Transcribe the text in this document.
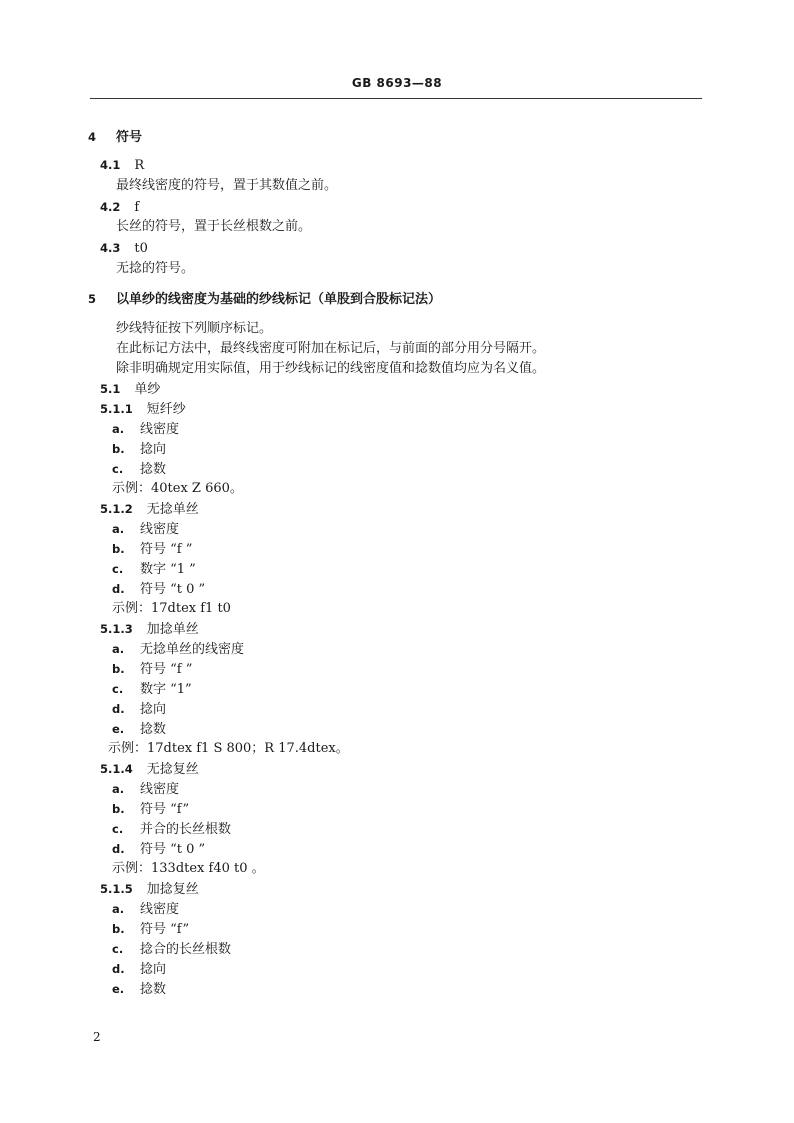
GB 8693—88
4 符号
4.1 R
最终线密度的符号，置于其数值之前。
4.2 f
长丝的符号，置于长丝根数之前。
4.3 t0
无捻的符号。
5 以单纱的线密度为基础的纱线标记（单股到合股标记法）
纱线特征按下列顺序标记。
在此标记方法中，最终线密度可附加在标记后，与前面的部分用分号隔开。
除非明确规定用实际值，用于纱线标记的线密度值和捻数值均应为名义值。
5.1 单纱
5.1.1 短纤纱
a. 线密度
b. 捻向
c. 捻数
示例：40tex Z 660。
5.1.2 无捻单丝
a. 线密度
b. 符号 “f ”
c. 数字 “1 ”
d. 符号 “t 0 ”
示例：17dtex f1 t0
5.1.3 加捻单丝
a. 无捻单丝的线密度
b. 符号 “f ”
c. 数字 “1”
d. 捻向
e. 捻数
示例：17dtex f1 S 800；R 17.4dtex。
5.1.4 无捻复丝
a. 线密度
b. 符号 “f”
c. 并合的长丝根数
d. 符号 “t 0 ”
示例：133dtex f40 t0 。
5.1.5 加捻复丝
a. 线密度
b. 符号 “f”
c. 捻合的长丝根数
d. 捻向
e. 捻数
2
